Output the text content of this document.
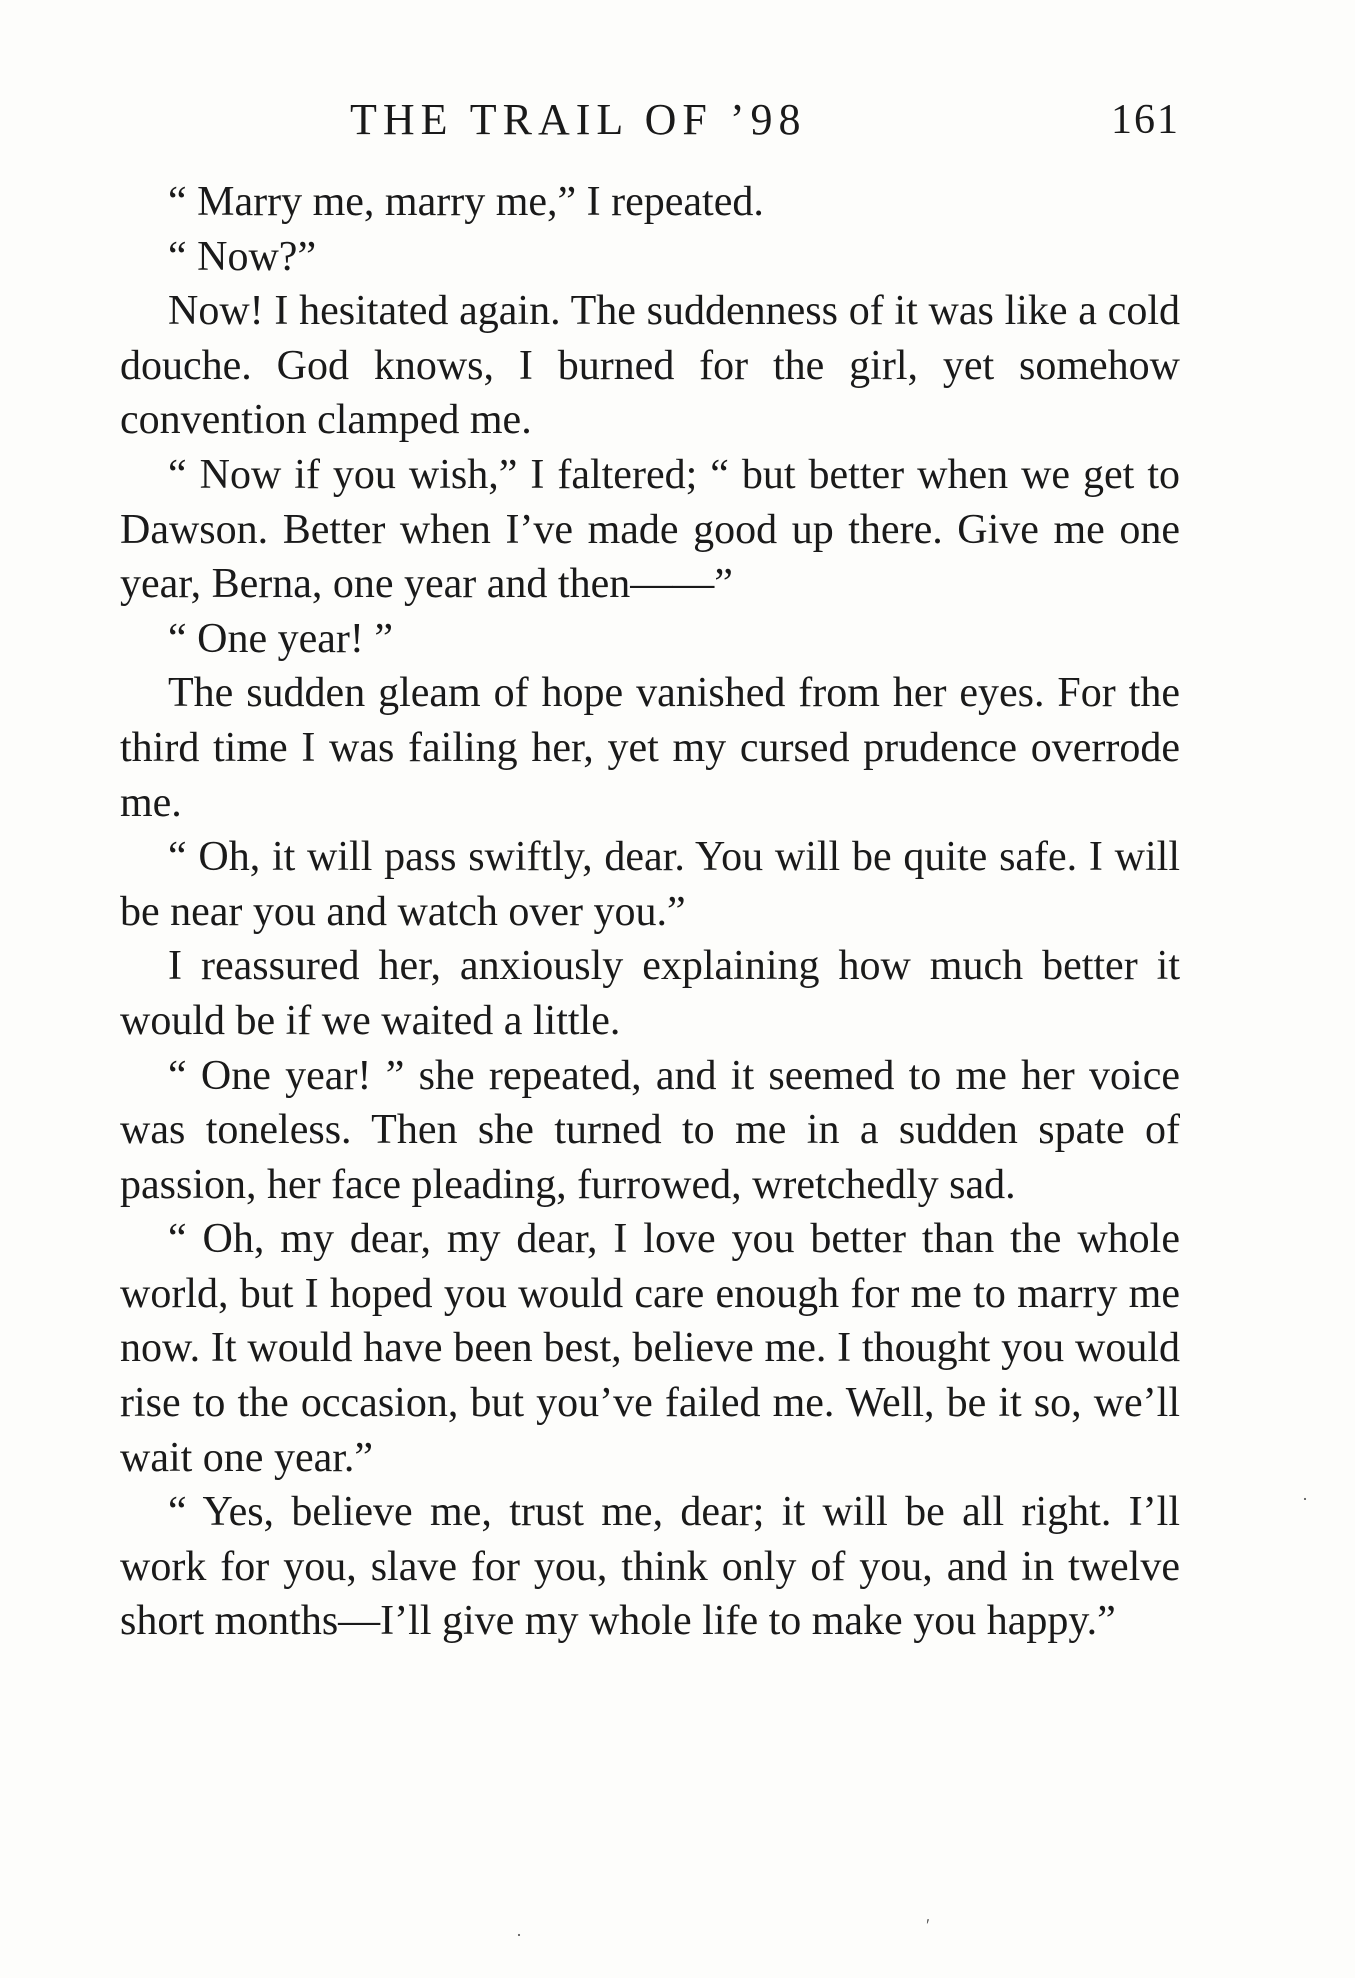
THE TRAIL OF ’98	161

“ Marry me, marry me,” I repeated.

“ Now?”

Now! I hesitated again. The suddenness of it was like a cold douche. God knows, I burned for the girl, yet somehow convention clamped me.

“ Now if you wish,” I faltered; “ but better when we get to Dawson. Better when I’ve made good up there. Give me one year, Berna, one year and then——”

“ One year! ”

The sudden gleam of hope vanished from her eyes. For the third time I was failing her, yet my cursed prudence overrode me.

“ Oh, it will pass swiftly, dear. You will be quite safe. I will be near you and watch over you.”

I reassured her, anxiously explaining how much better it would be if we waited a little.

“ One year! ” she repeated, and it seemed to me her voice was toneless. Then she turned to me in a sudden spate of passion, her face pleading, furrowed, wretchedly sad.

“ Oh, my dear, my dear, I love you better than the whole world, but I hoped you would care enough for me to marry me now. It would have been best, believe me. I thought you would rise to the occasion, but you’ve failed me. Well, be it so, we’ll wait one year.”

“ Yes, believe me, trust me, dear; it will be all right. I’ll work for you, slave for you, think only of you, and in twelve short months—I’ll give my whole life to make you happy.”

·
·	ʹ
